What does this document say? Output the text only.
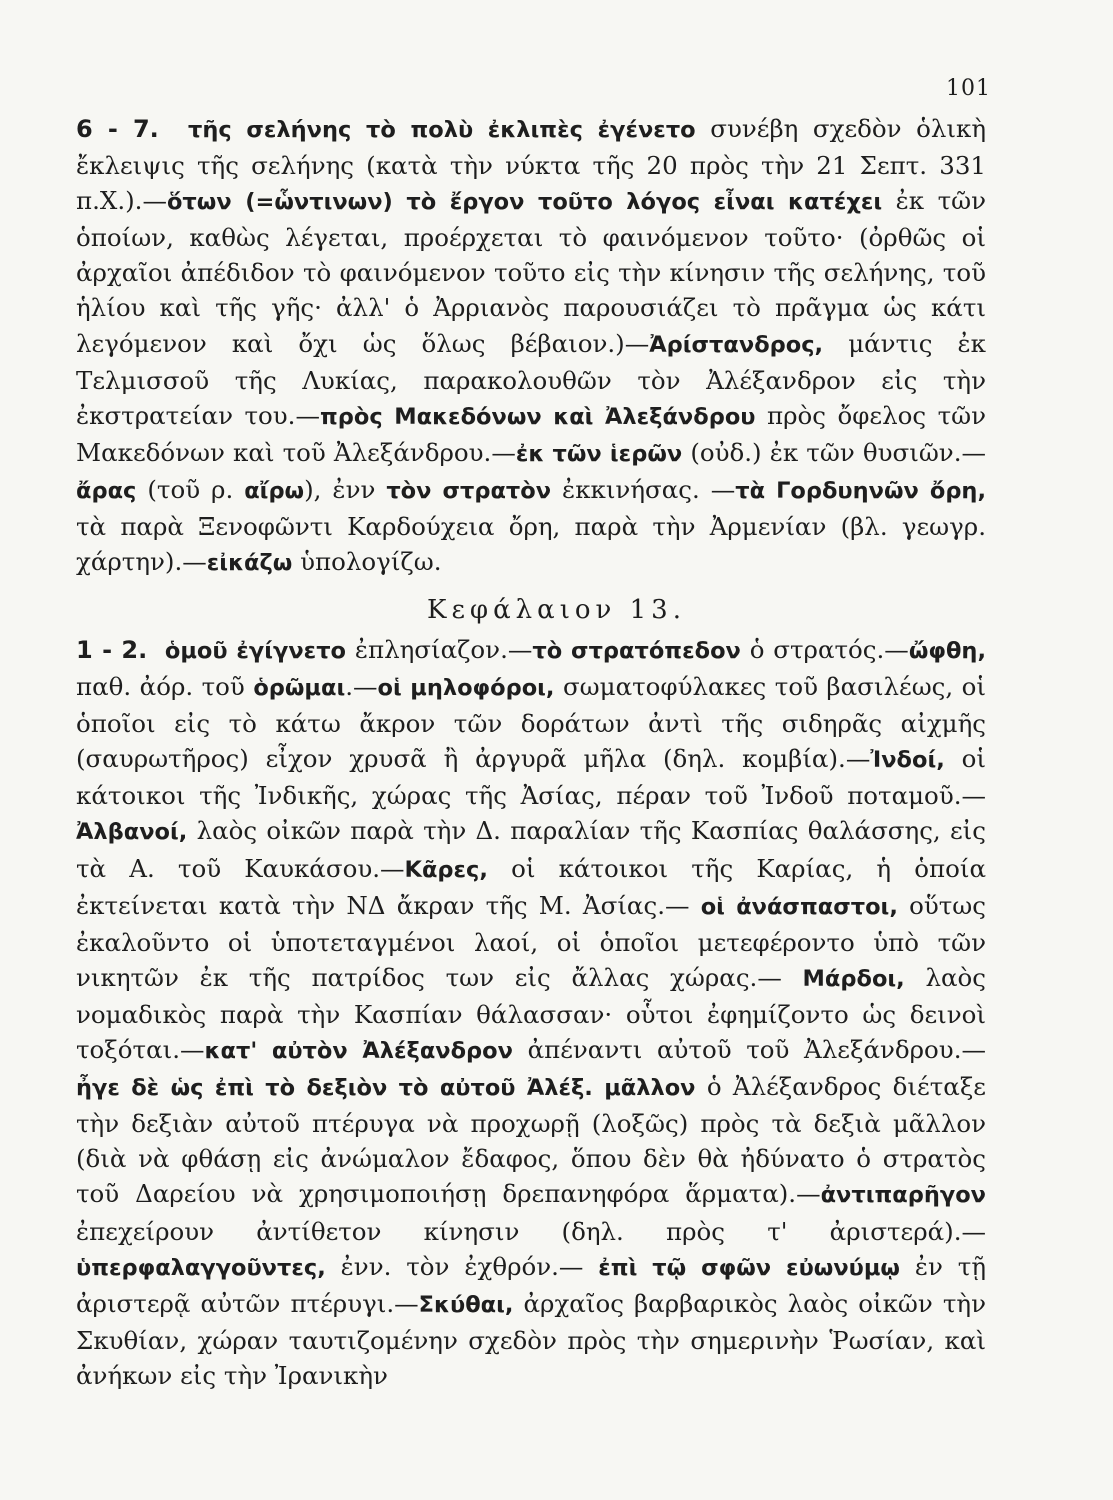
101

6 - 7. τῆς σελήνης τὸ πολὺ ἐκλιπὲς ἐγένετο συνέβη σχεδὸν ὁλικὴ ἔκλειψις τῆς σελήνης (κατὰ τὴν νύκτα τῆς 20 πρὸς τὴν 21 Σεπτ. 331 π.Χ.).—ὅτων (=ὧντινων) τὸ ἔργον τοῦτο λόγος εἶναι κατέχει ἐκ τῶν ὁποίων, καθὼς λέγεται, προέρχεται τὸ φαινόμενον τοῦτο· (ὀρθῶς οἱ ἀρχαῖοι ἀπέδιδον τὸ φαινόμενον τοῦτο εἰς τὴν κίνησιν τῆς σελήνης, τοῦ ἡλίου καὶ τῆς γῆς· ἀλλ' ὁ Ἀρριανὸς παρουσιάζει τὸ πρᾶγμα ὡς κάτι λεγόμενον καὶ ὄχι ὡς ὅλως βέβαιον.)—Ἀρίστανδρος, μάντις ἐκ Τελμισσοῦ τῆς Λυκίας, παρακολουθῶν τὸν Ἀλέξανδρον εἰς τὴν ἐκστρατείαν του.—πρὸς Μακεδόνων καὶ Ἀλεξάνδρου πρὸς ὄφελος τῶν Μακεδόνων καὶ τοῦ Ἀλεξάνδρου.—ἐκ τῶν ἱερῶν (οὐδ.) ἐκ τῶν θυσιῶν.—ἄρας (τοῦ ρ. αἴρω), ἐνν τὸν στρατὸν ἐκκινήσας. —τὰ Γορδυηνῶν ὄρη, τὰ παρὰ Ξενοφῶντι Καρδούχεια ὄρη, παρὰ τὴν Ἀρμενίαν (βλ. γεωγρ. χάρτην).—εἰκάζω ὑπολογίζω.

Κεφάλαιον 13.

1 - 2. ὁμοῦ ἐγίγνετο ἐπλησίαζον.—τὸ στρατόπεδον ὁ στρατός.—ὤφθη, παθ. ἀόρ. τοῦ ὁρῶμαι.—οἱ μηλοφόροι, σωματοφύλακες τοῦ βασιλέως, οἱ ὁποῖοι εἰς τὸ κάτω ἄκρον τῶν δοράτων ἀντὶ τῆς σιδηρᾶς αἰχμῆς (σαυρωτῆρος) εἶχον χρυσᾶ ἢ ἀργυρᾶ μῆλα (δηλ. κομβία).—Ἰνδοί, οἱ κάτοικοι τῆς Ἰνδικῆς, χώρας τῆς Ἀσίας, πέραν τοῦ Ἰνδοῦ ποταμοῦ.—Ἀλβανοί, λαὸς οἰκῶν παρὰ τὴν Δ. παραλίαν τῆς Κασπίας θαλάσσης, εἰς τὰ Α. τοῦ Καυκάσου.—Κᾶρες, οἱ κάτοικοι τῆς Καρίας, ἡ ὁποία ἐκτείνεται κατὰ τὴν ΝΔ ἄκραν τῆς Μ. Ἀσίας.— οἱ ἀνάσπαστοι, οὕτως ἐκαλοῦντο οἱ ὑποτεταγμένοι λαοί, οἱ ὁποῖοι μετεφέροντο ὑπὸ τῶν νικητῶν ἐκ τῆς πατρίδος των εἰς ἄλλας χώρας.— Μάρδοι, λαὸς νομαδικὸς παρὰ τὴν Κασπίαν θάλασσαν· οὗτοι ἐφημίζοντο ὡς δεινοὶ τοξόται.—κατ' αὐτὸν Ἀλέξανδρον ἀπέναντι αὐτοῦ τοῦ Ἀλεξάνδρου.—ἦγε δὲ ὡς ἐπὶ τὸ δεξιὸν τὸ αὐτοῦ Ἀλέξ. μᾶλλον ὁ Ἀλέξανδρος διέταξε τὴν δεξιὰν αὐτοῦ πτέρυγα νὰ προχωρῇ (λοξῶς) πρὸς τὰ δεξιὰ μᾶλλον (διὰ νὰ φθάσῃ εἰς ἀνώμαλον ἔδαφος, ὅπου δὲν θὰ ἠδύνατο ὁ στρατὸς τοῦ Δαρείου νὰ χρησιμοποιήσῃ δρεπανηφόρα ἅρματα).—ἀντιπαρῆγον ἐπεχείρουν ἀντίθετον κίνησιν (δηλ. πρὸς τ' ἀριστερά).— ὑπερφαλαγγοῦντες, ἐνν. τὸν ἐχθρόν.— ἐπὶ τῷ σφῶν εὐωνύμῳ ἐν τῇ ἀριστερᾷ αὐτῶν πτέρυγι.—Σκύθαι, ἀρχαῖος βαρβαρικὸς λαὸς οἰκῶν τὴν Σκυθίαν, χώραν ταυτιζομένην σχεδὸν πρὸς τὴν σημερινὴν Ῥωσίαν, καὶ ἀνήκων εἰς τὴν Ἰρανικὴν
